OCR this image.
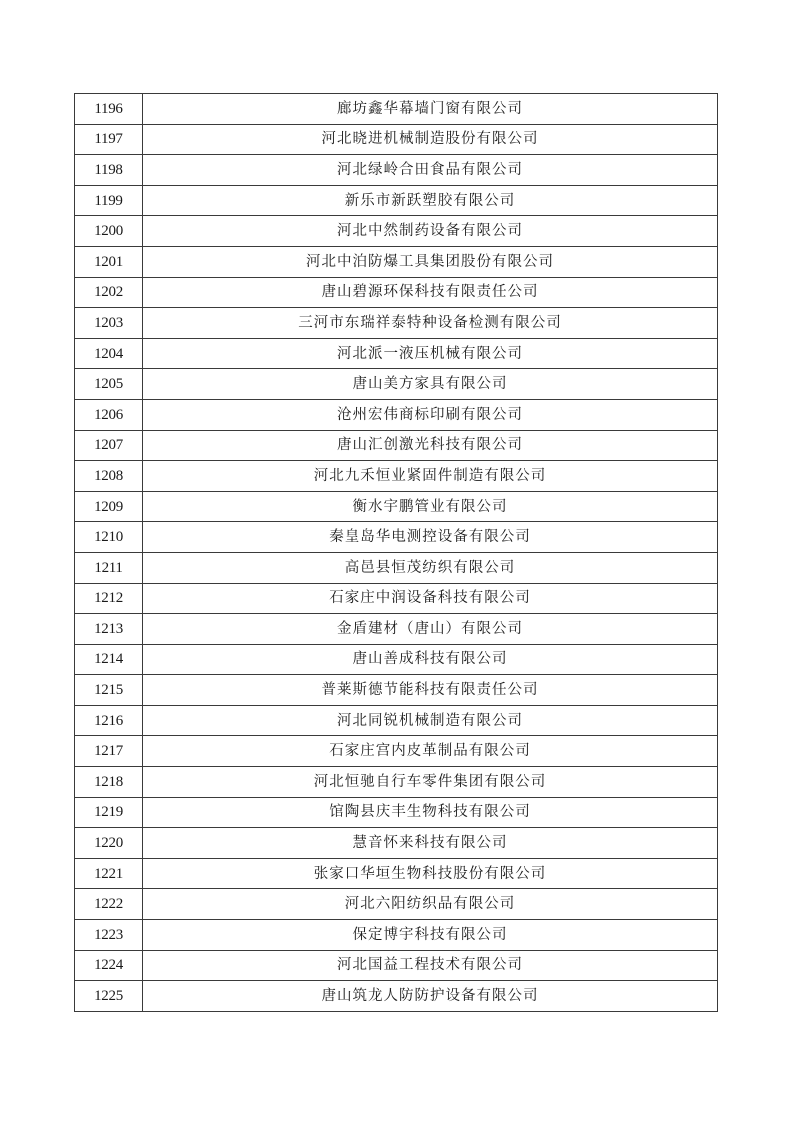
1196	廊坊鑫华幕墙门窗有限公司
1197	河北晓进机械制造股份有限公司
1198	河北绿岭合田食品有限公司
1199	新乐市新跃塑胶有限公司
1200	河北中然制药设备有限公司
1201	河北中泊防爆工具集团股份有限公司
1202	唐山碧源环保科技有限责任公司
1203	三河市东瑞祥泰特种设备检测有限公司
1204	河北派一液压机械有限公司
1205	唐山美方家具有限公司
1206	沧州宏伟商标印刷有限公司
1207	唐山汇创激光科技有限公司
1208	河北九禾恒业紧固件制造有限公司
1209	衡水宇鹏管业有限公司
1210	秦皇岛华电测控设备有限公司
1211	高邑县恒茂纺织有限公司
1212	石家庄中润设备科技有限公司
1213	金盾建材（唐山）有限公司
1214	唐山善成科技有限公司
1215	普莱斯德节能科技有限责任公司
1216	河北同锐机械制造有限公司
1217	石家庄宫内皮革制品有限公司
1218	河北恒驰自行车零件集团有限公司
1219	馆陶县庆丰生物科技有限公司
1220	慧音怀来科技有限公司
1221	张家口华垣生物科技股份有限公司
1222	河北六阳纺织品有限公司
1223	保定博宇科技有限公司
1224	河北国益工程技术有限公司
1225	唐山筑龙人防防护设备有限公司
